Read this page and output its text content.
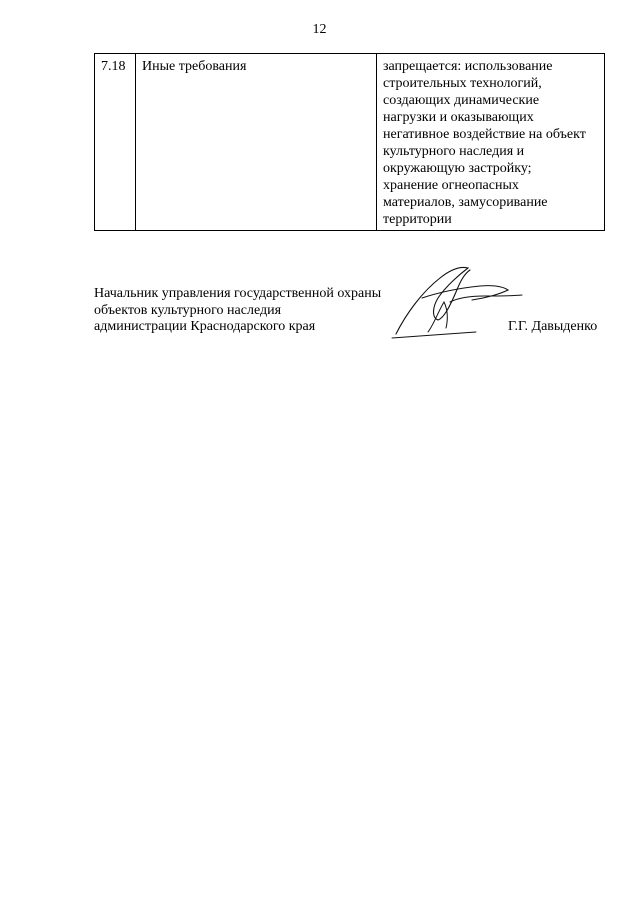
12
7.18	Иные требования	запрещается: использование
строительных технологий,
создающих динамические
нагрузки и оказывающих
негативное воздействие на объект
культурного наследия и
окружающую застройку;
хранение огнеопасных
материалов, замусоривание
территории
Начальник управления государственной охраны
объектов культурного наследия
администрации Краснодарского края	Г.Г. Давыденко
